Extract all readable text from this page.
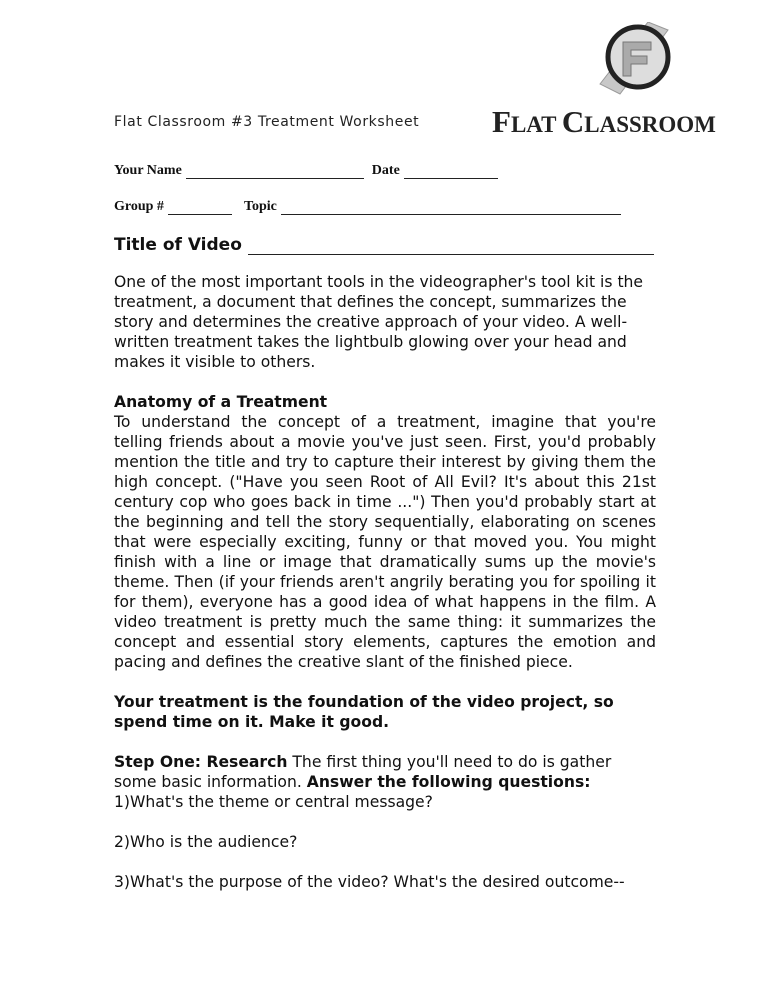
FLAT CLASSROOM
Flat Classroom #3 Treatment Worksheet
Your Name	Date
Group #	Topic
Title of Video

One of the most important tools in the videographer's tool kit is the treatment, a document that defines the concept, summarizes the story and determines the creative approach of your video. A well-written treatment takes the lightbulb glowing over your head and makes it visible to others.

Anatomy of a Treatment
To understand the concept of a treatment, imagine that you're telling friends about a movie you've just seen. First, you'd probably mention the title and try to capture their interest by giving them the high concept. ("Have you seen Root of All Evil? It's about this 21st century cop who goes back in time ...") Then you'd probably start at the beginning and tell the story sequentially, elaborating on scenes that were especially exciting, funny or that moved you. You might finish with a line or image that dramatically sums up the movie's theme. Then (if your friends aren't angrily berating you for spoiling it for them), everyone has a good idea of what happens in the film. A video treatment is pretty much the same thing: it summarizes the concept and essential story elements, captures the emotion and pacing and defines the creative slant of the finished piece.

Your treatment is the foundation of the video project, so spend time on it. Make it good.

Step One: Research The first thing you'll need to do is gather some basic information. Answer the following questions:

1)What's the theme or central message?
2)Who is the audience?
3)What's the purpose of the video? What's the desired outcome--
